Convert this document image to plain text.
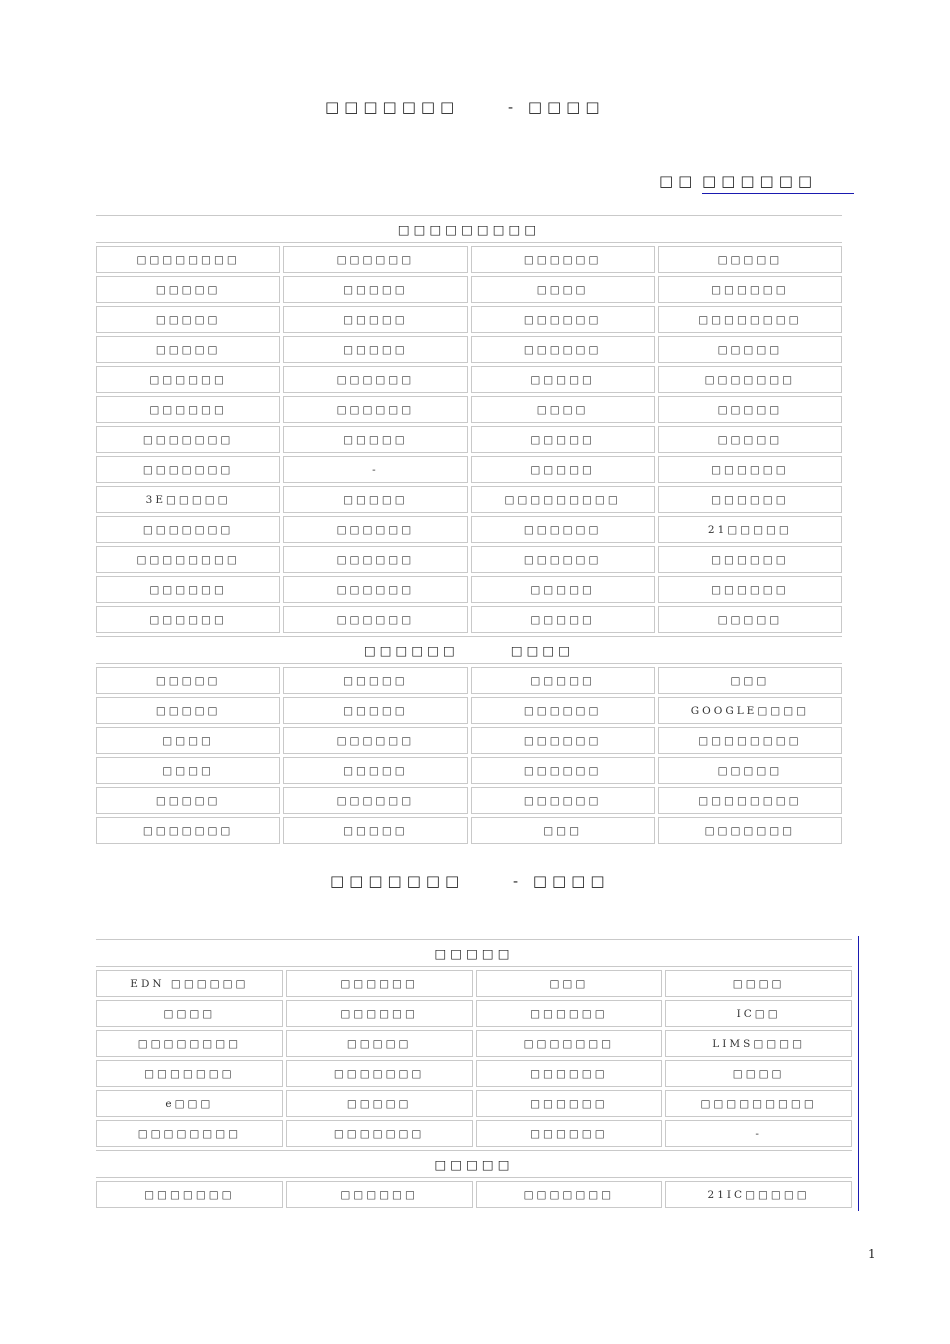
□□□□□□□	- □□□□
□□ □□□□□□
□□□□□□□□□			
□□□□□□□□	□□□□□□	□□□□□□	□□□□□
□□□□□	□□□□□	□□□□	□□□□□□
□□□□□	□□□□□	□□□□□□	□□□□□□□□
□□□□□	□□□□□	□□□□□□	□□□□□
□□□□□□	□□□□□□	□□□□□	□□□□□□□
□□□□□□	□□□□□□	□□□□	□□□□□
□□□□□□□	□□□□□	□□□□□	□□□□□
□□□□□□□	-	□□□□□	□□□□□□
3E□□□□□	□□□□□	□□□□□□□□□	□□□□□□
□□□□□□□	□□□□□□	□□□□□□	21□□□□□
□□□□□□□□	□□□□□□	□□□□□□	□□□□□□
□□□□□□	□□□□□□	□□□□□	□□□□□□
□□□□□□	□□□□□□	□□□□□	□□□□□
□□□□□□ □□□□			
□□□□□	□□□□□	□□□□□	□□□
□□□□□	□□□□□	□□□□□□	GOOGLE□□□□
□□□□	□□□□□□	□□□□□□	□□□□□□□□
□□□□	□□□□□	□□□□□□	□□□□□
□□□□□	□□□□□□	□□□□□□	□□□□□□□□
□□□□□□□	□□□□□	□□□	□□□□□□□
□□□□□□□	- □□□□
□□□□□			
EDN □□□□□□	□□□□□□	□□□	□□□□
□□□□	□□□□□□	□□□□□□	IC□□
□□□□□□□□	□□□□□	□□□□□□□	LIMS□□□□
□□□□□□□	□□□□□□□	□□□□□□	□□□□
e□□□	□□□□□	□□□□□□	□□□□□□□□□
□□□□□□□□	□□□□□□□	□□□□□□	-
□□□□□			
□□□□□□□	□□□□□□	□□□□□□□	21IC□□□□□
1
